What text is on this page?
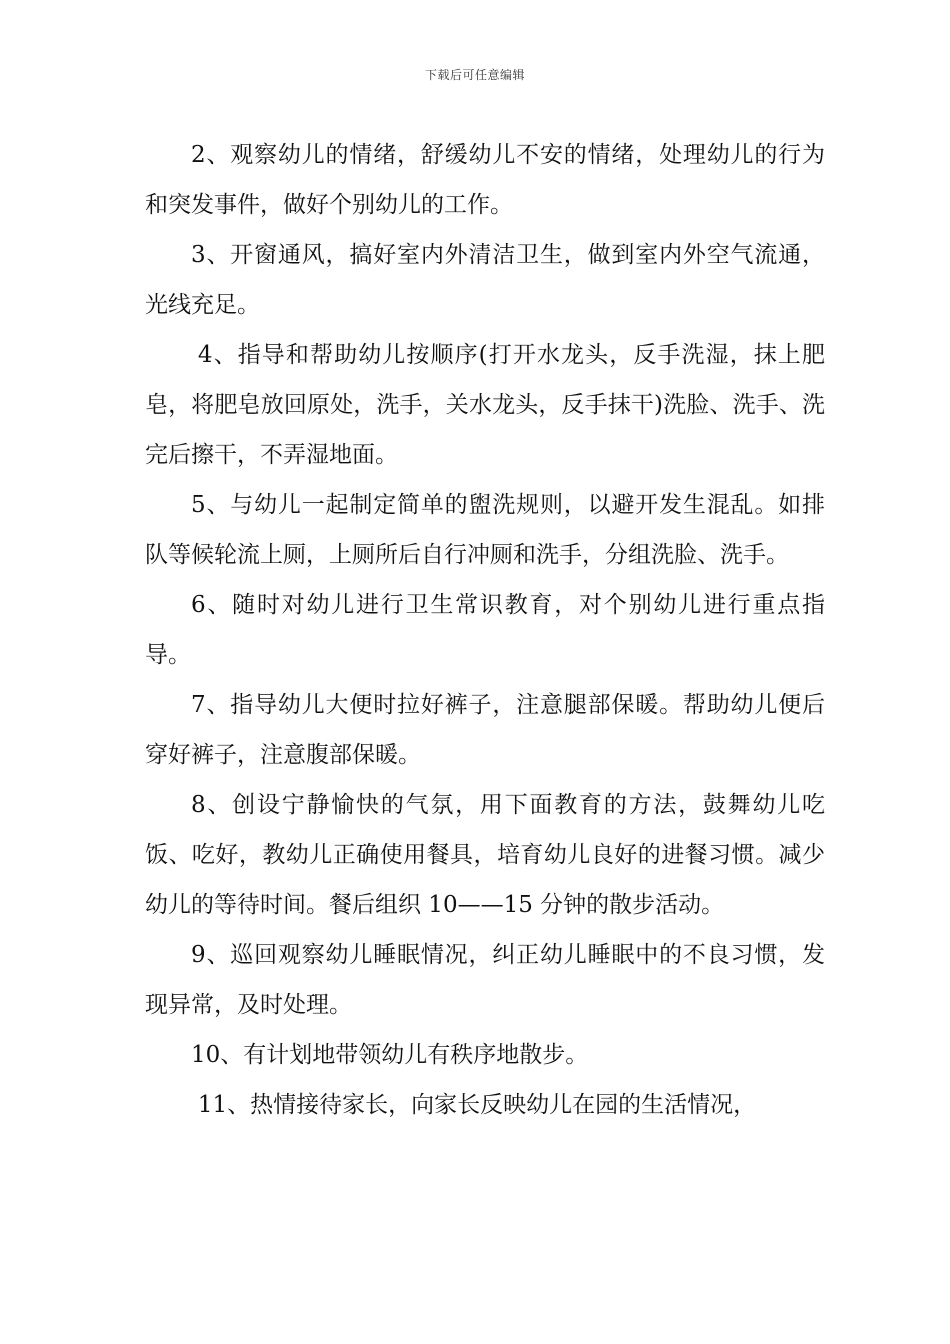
下载后可任意编辑

2、观察幼儿的情绪，舒缓幼儿不安的情绪，处理幼儿的行为和突发事件，做好个别幼儿的工作。

3、开窗通风，搞好室内外清洁卫生，做到室内外空气流通，光线充足。

4、指导和帮助幼儿按顺序(打开水龙头，反手洗湿，抹上肥皂，将肥皂放回原处，洗手，关水龙头，反手抹干)洗脸、洗手、洗完后擦干，不弄湿地面。

5、与幼儿一起制定简单的盥洗规则，以避开发生混乱。如排队等候轮流上厕，上厕所后自行冲厕和洗手，分组洗脸、洗手。

6、随时对幼儿进行卫生常识教育，对个别幼儿进行重点指导。

7、指导幼儿大便时拉好裤子，注意腿部保暖。帮助幼儿便后穿好裤子，注意腹部保暖。

8、创设宁静愉快的气氛，用下面教育的方法，鼓舞幼儿吃饭、吃好，教幼儿正确使用餐具，培育幼儿良好的进餐习惯。减少幼儿的等待时间。餐后组织 10——15 分钟的散步活动。

9、巡回观察幼儿睡眠情况，纠正幼儿睡眠中的不良习惯，发现异常，及时处理。

10、有计划地带领幼儿有秩序地散步。

11、热情接待家长，向家长反映幼儿在园的生活情况，
